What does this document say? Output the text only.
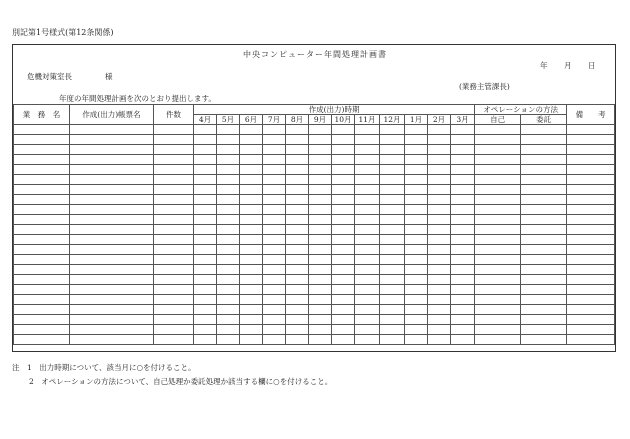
別記第1号様式(第12条関係)
中央コンピューター年間処理計画書
年 月 日
危機対策室長	様
(業務主管課長)
年度の年間処理計画を次のとおり提出します。
業　務　名	作成(出力)帳票名	件数	作成(出力)時期												オペレーションの方法		備　　考
			4月	5月	6月	7月	8月	9月	10月	11月	12月	1月	2月	3月	自己	委託	

注　1　 出力時期について、該当月に○を付けること。
2　 オペレーションの方法について、自己処理か委託処理か該当する欄に○を付けること。
